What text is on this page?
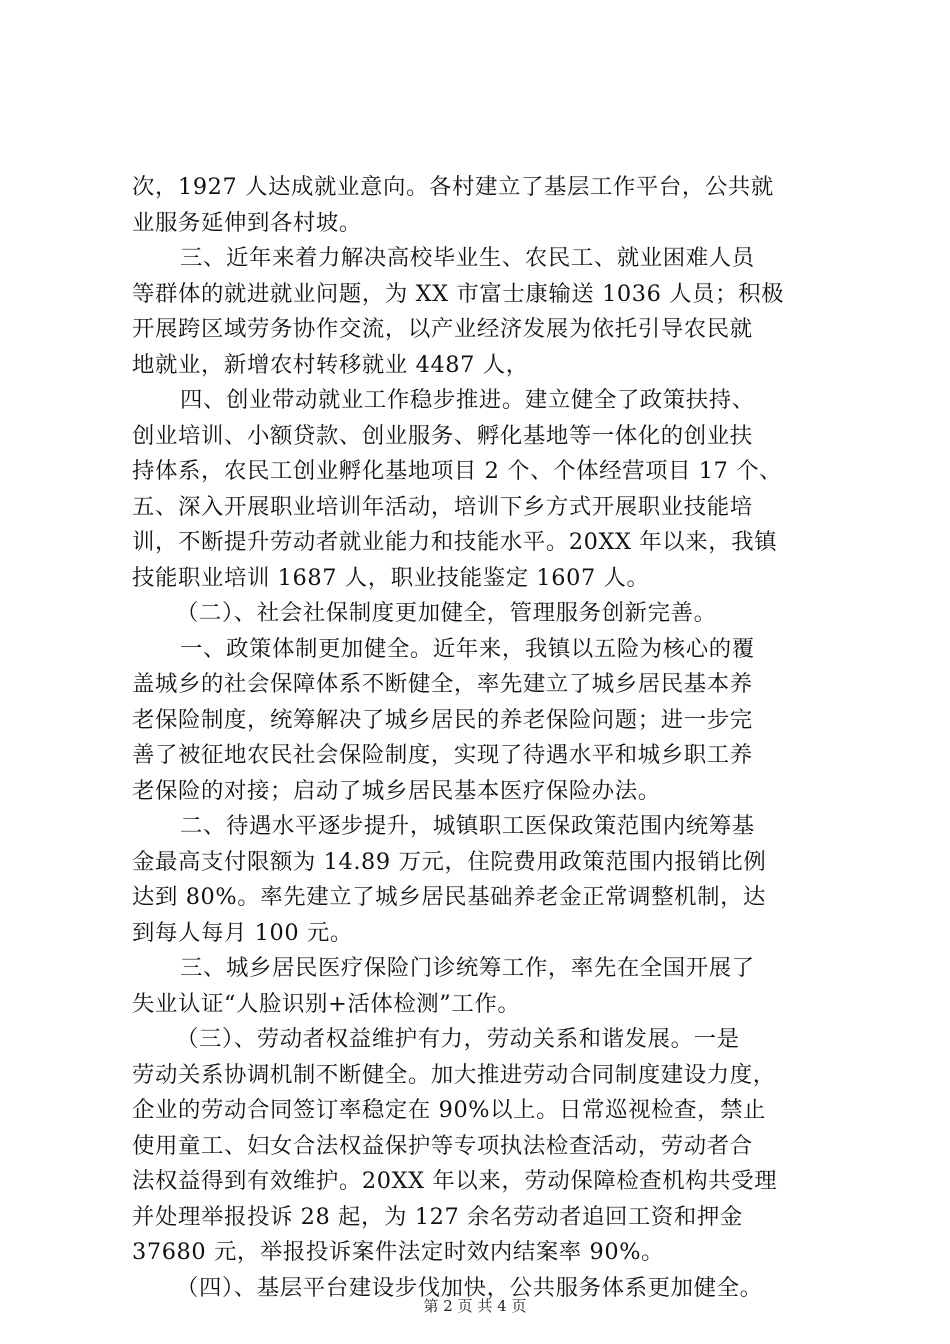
次，1927 人达成就业意向。各村建立了基层工作平台，公共就
业服务延伸到各村坡。
三、近年来着力解决高校毕业生、农民工、就业困难人员
等群体的就进就业问题，为 XX 市富士康输送 1036 人员；积极
开展跨区域劳务协作交流，以产业经济发展为依托引导农民就
地就业，新增农村转移就业 4487 人，
四、创业带动就业工作稳步推进。建立健全了政策扶持、
创业培训、小额贷款、创业服务、孵化基地等一体化的创业扶
持体系，农民工创业孵化基地项目 2 个、个体经营项目 17 个、
五、深入开展职业培训年活动，培训下乡方式开展职业技能培
训，不断提升劳动者就业能力和技能水平。20XX 年以来，我镇
技能职业培训 1687 人，职业技能鉴定 1607 人。
（二）、社会社保制度更加健全，管理服务创新完善。
一、政策体制更加健全。近年来，我镇以五险为核心的覆
盖城乡的社会保障体系不断健全，率先建立了城乡居民基本养
老保险制度，统筹解决了城乡居民的养老保险问题；进一步完
善了被征地农民社会保险制度，实现了待遇水平和城乡职工养
老保险的对接；启动了城乡居民基本医疗保险办法。
二、待遇水平逐步提升，城镇职工医保政策范围内统筹基
金最高支付限额为 14.89 万元，住院费用政策范围内报销比例
达到 80%。率先建立了城乡居民基础养老金正常调整机制，达
到每人每月 100 元。
三、城乡居民医疗保险门诊统筹工作，率先在全国开展了
失业认证“人脸识别+活体检测”工作。
（三）、劳动者权益维护有力，劳动关系和谐发展。一是
劳动关系协调机制不断健全。加大推进劳动合同制度建设力度，
企业的劳动合同签订率稳定在 90%以上。日常巡视检查，禁止
使用童工、妇女合法权益保护等专项执法检查活动，劳动者合
法权益得到有效维护。20XX 年以来，劳动保障检查机构共受理
并处理举报投诉 28 起，为 127 余名劳动者追回工资和押金
37680 元，举报投诉案件法定时效内结案率 90%。
（四）、基层平台建设步伐加快，公共服务体系更加健全。
第 2 页 共 4 页
